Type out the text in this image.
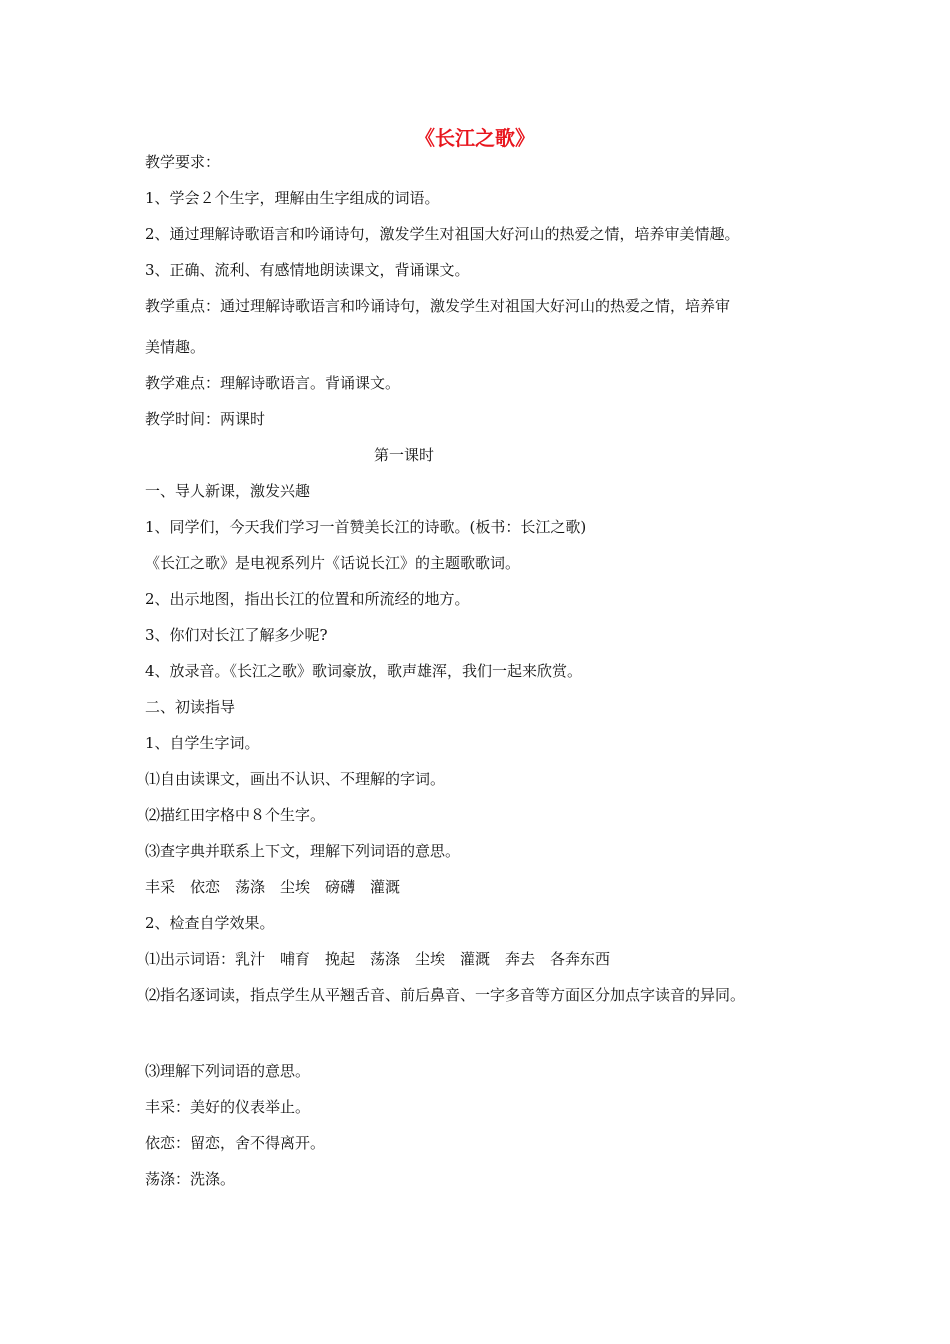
《长江之歌》
教学要求：
1、学会２个生字，理解由生字组成的词语。
2、通过理解诗歌语言和吟诵诗句，激发学生对祖国大好河山的热爱之情，培养审美情趣。
3、正确、流利、有感情地朗读课文，背诵课文。
教学重点：通过理解诗歌语言和吟诵诗句，激发学生对祖国大好河山的热爱之情，培养审
美情趣。
教学难点：理解诗歌语言。背诵课文。
教学时间：两课时
第一课时
一、导人新课，激发兴趣
1、同学们，今天我们学习一首赞美长江的诗歌。(板书：长江之歌)
《长江之歌》是电视系列片《话说长江》的主题歌歌词。
2、出示地图，指出长江的位置和所流经的地方。
3、你们对长江了解多少呢?
4、放录音。《长江之歌》歌词豪放，歌声雄浑，我们一起来欣赏。
二、初读指导
1、自学生字词。
⑴自由读课文，画出不认识、不理解的字词。
⑵描红田字格中８个生字。
⑶查字典并联系上下文，理解下列词语的意思。
丰采　依恋　荡涤　尘埃　磅礴　灌溉
2、检查自学效果。
⑴出示词语：乳汁　哺育　挽起　荡涤　尘埃　灌溉　奔去　各奔东西
⑵指名逐词读，指点学生从平翘舌音、前后鼻音、一字多音等方面区分加点字读音的异同。
⑶理解下列词语的意思。
丰采：美好的仪表举止。
依恋：留恋，舍不得离开。
荡涤：洗涤。
